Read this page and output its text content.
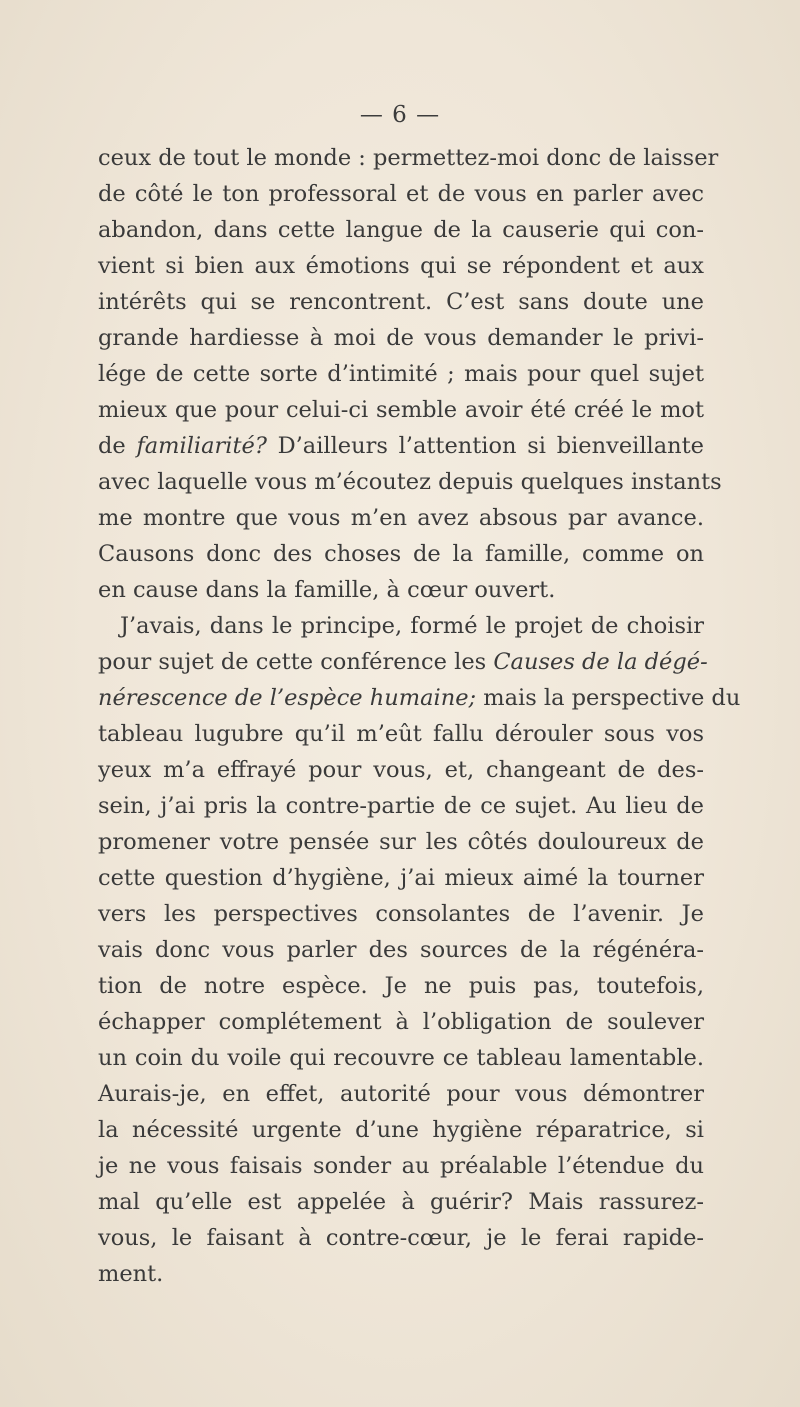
— 6 —
ceux de tout le monde : permettez-moi donc de laisser
de côté le ton professoral et de vous en parler avec
abandon, dans cette langue de la causerie qui con-
vient si bien aux émotions qui se répondent et aux
intérêts qui se rencontrent. C’est sans doute une
grande hardiesse à moi de vous demander le privi-
lége de cette sorte d’intimité ; mais pour quel sujet
mieux que pour celui-ci semble avoir été créé le mot
de familiarité? D’ailleurs l’attention si bienveillante
avec laquelle vous m’écoutez depuis quelques instants
me montre que vous m’en avez absous par avance.
Causons donc des choses de la famille, comme on
en cause dans la famille, à cœur ouvert.
J’avais, dans le principe, formé le projet de choisir
pour sujet de cette conférence les Causes de la dégé-
nérescence de l’espèce humaine; mais la perspective du
tableau lugubre qu’il m’eût fallu dérouler sous vos
yeux m’a effrayé pour vous, et, changeant de des-
sein, j’ai pris la contre-partie de ce sujet. Au lieu de
promener votre pensée sur les côtés douloureux de
cette question d’hygiène, j’ai mieux aimé la tourner
vers les perspectives consolantes de l’avenir. Je
vais donc vous parler des sources de la régénéra-
tion de notre espèce. Je ne puis pas, toutefois,
échapper complétement à l’obligation de soulever
un coin du voile qui recouvre ce tableau lamentable.
Aurais-je, en effet, autorité pour vous démontrer
la nécessité urgente d’une hygiène réparatrice, si
je ne vous faisais sonder au préalable l’étendue du
mal qu’elle est appelée à guérir? Mais rassurez-
vous, le faisant à contre-cœur, je le ferai rapide-
ment.
